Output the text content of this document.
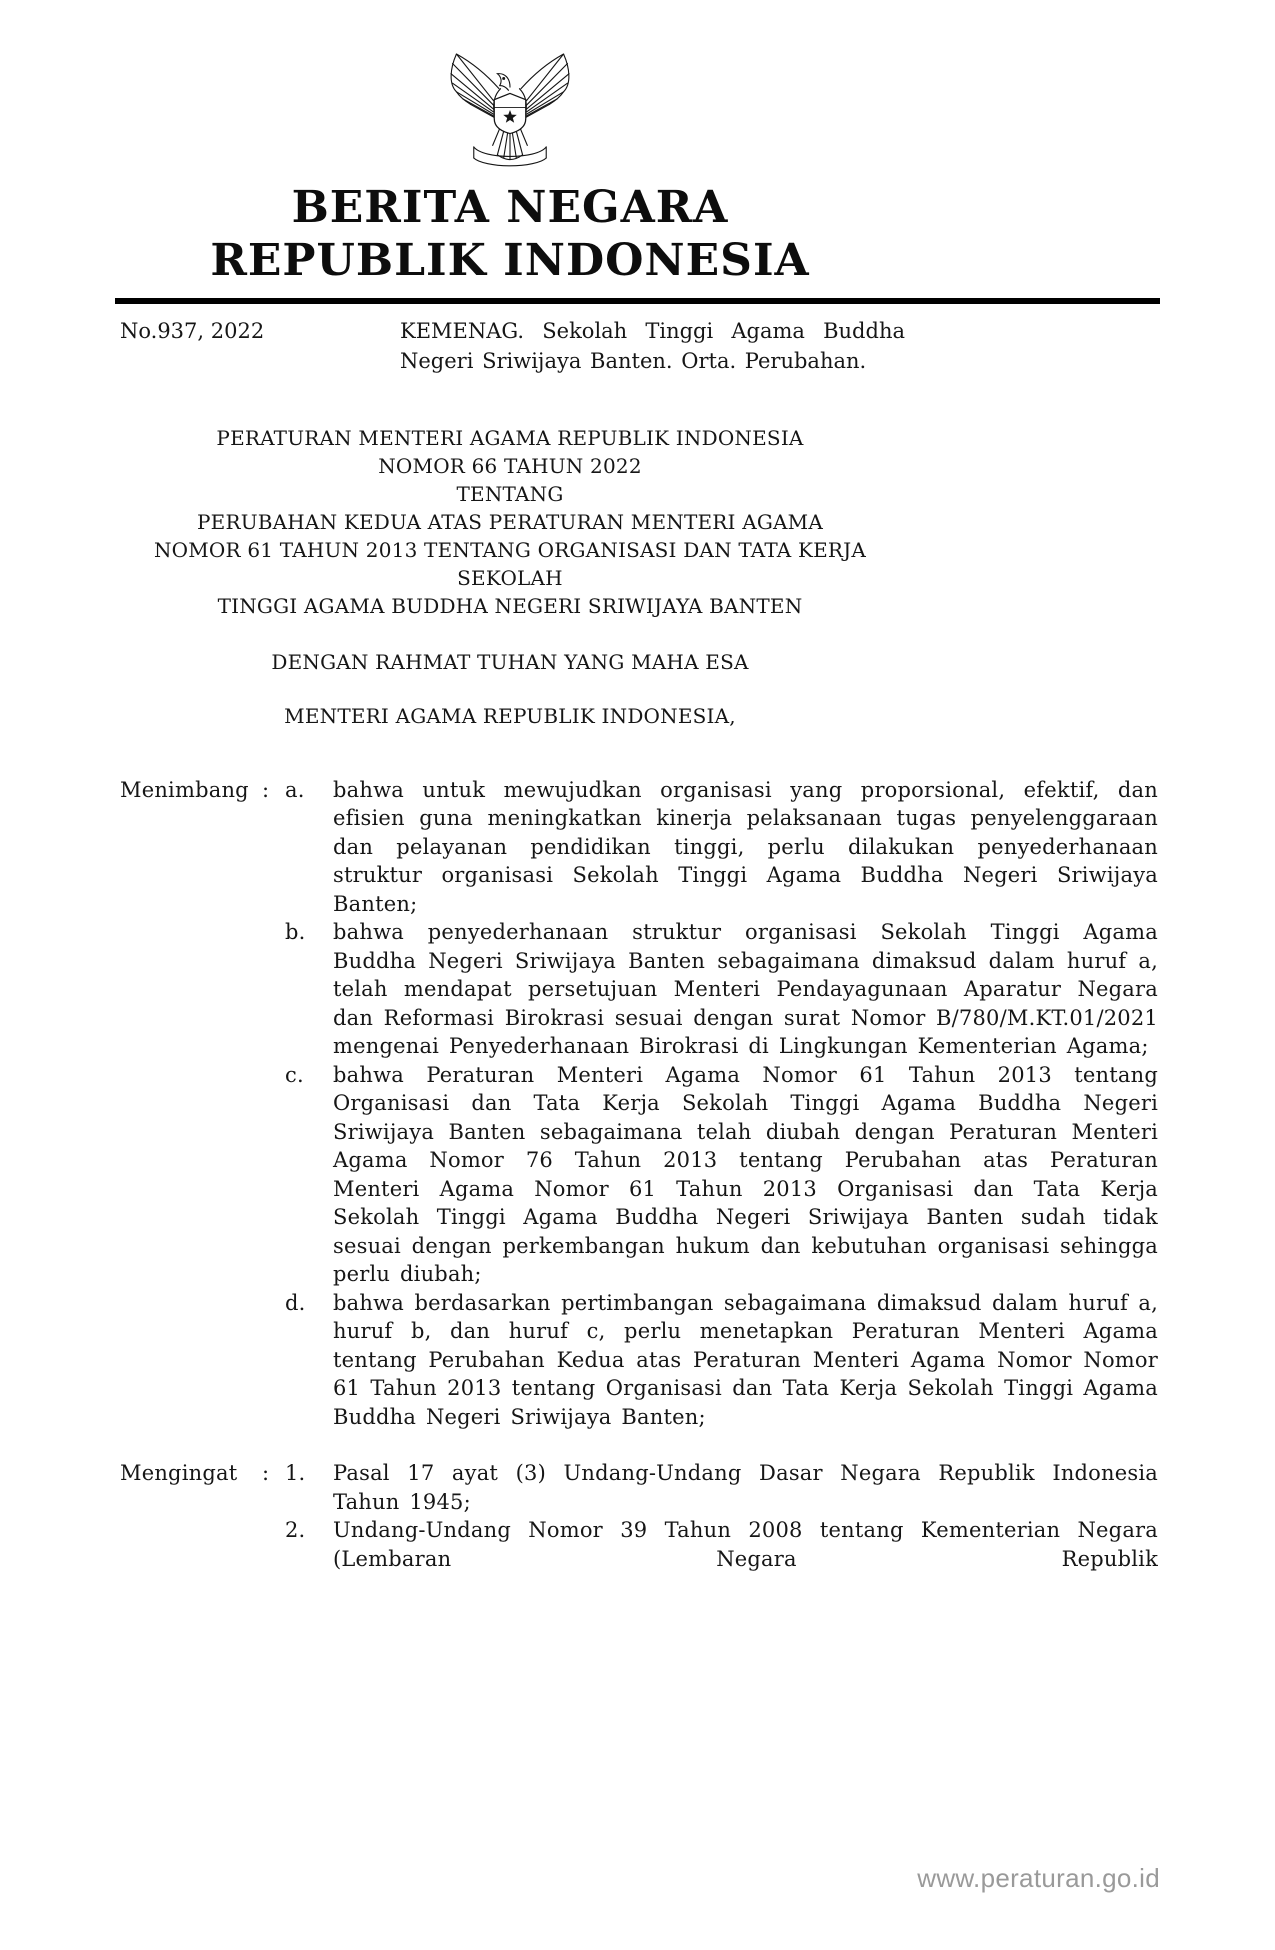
BERITA NEGARA
REPUBLIK INDONESIA
No.937, 2022	KEMENAG. Sekolah Tinggi Agama Buddha Negeri Sriwijaya Banten. Orta. Perubahan.
PERATURAN MENTERI AGAMA REPUBLIK INDONESIA
NOMOR 66 TAHUN 2022
TENTANG
PERUBAHAN KEDUA ATAS PERATURAN MENTERI AGAMA
NOMOR 61 TAHUN 2013 TENTANG ORGANISASI DAN TATA KERJA SEKOLAH
TINGGI AGAMA BUDDHA NEGERI SRIWIJAYA BANTEN
DENGAN RAHMAT TUHAN YANG MAHA ESA
MENTERI AGAMA REPUBLIK INDONESIA,
Menimbang : a.	bahwa untuk mewujudkan organisasi yang proporsional, efektif, dan efisien guna meningkatkan kinerja pelaksanaan tugas penyelenggaraan dan pelayanan pendidikan tinggi, perlu dilakukan penyederhanaan struktur organisasi Sekolah Tinggi Agama Buddha Negeri Sriwijaya Banten;
b.	bahwa penyederhanaan struktur organisasi Sekolah Tinggi Agama Buddha Negeri Sriwijaya Banten sebagaimana dimaksud dalam huruf a, telah mendapat persetujuan Menteri Pendayagunaan Aparatur Negara dan Reformasi Birokrasi sesuai dengan surat Nomor B/780/M.KT.01/2021 mengenai Penyederhanaan Birokrasi di Lingkungan Kementerian Agama;
c.	bahwa Peraturan Menteri Agama Nomor 61 Tahun 2013 tentang Organisasi dan Tata Kerja Sekolah Tinggi Agama Buddha Negeri Sriwijaya Banten sebagaimana telah diubah dengan Peraturan Menteri Agama Nomor 76 Tahun 2013 tentang Perubahan atas Peraturan Menteri Agama Nomor 61 Tahun 2013 Organisasi dan Tata Kerja Sekolah Tinggi Agama Buddha Negeri Sriwijaya Banten sudah tidak sesuai dengan perkembangan hukum dan kebutuhan organisasi sehingga perlu diubah;
d.	bahwa berdasarkan pertimbangan sebagaimana dimaksud dalam huruf a, huruf b, dan huruf c, perlu menetapkan Peraturan Menteri Agama tentang Perubahan Kedua atas Peraturan Menteri Agama Nomor Nomor 61 Tahun 2013 tentang Organisasi dan Tata Kerja Sekolah Tinggi Agama Buddha Negeri Sriwijaya Banten;
Mengingat	: 1.	Pasal 17 ayat (3) Undang-Undang Dasar Negara Republik Indonesia Tahun 1945;
2.	Undang-Undang Nomor 39 Tahun 2008 tentang Kementerian Negara (Lembaran Negara Republik
www.peraturan.go.id
